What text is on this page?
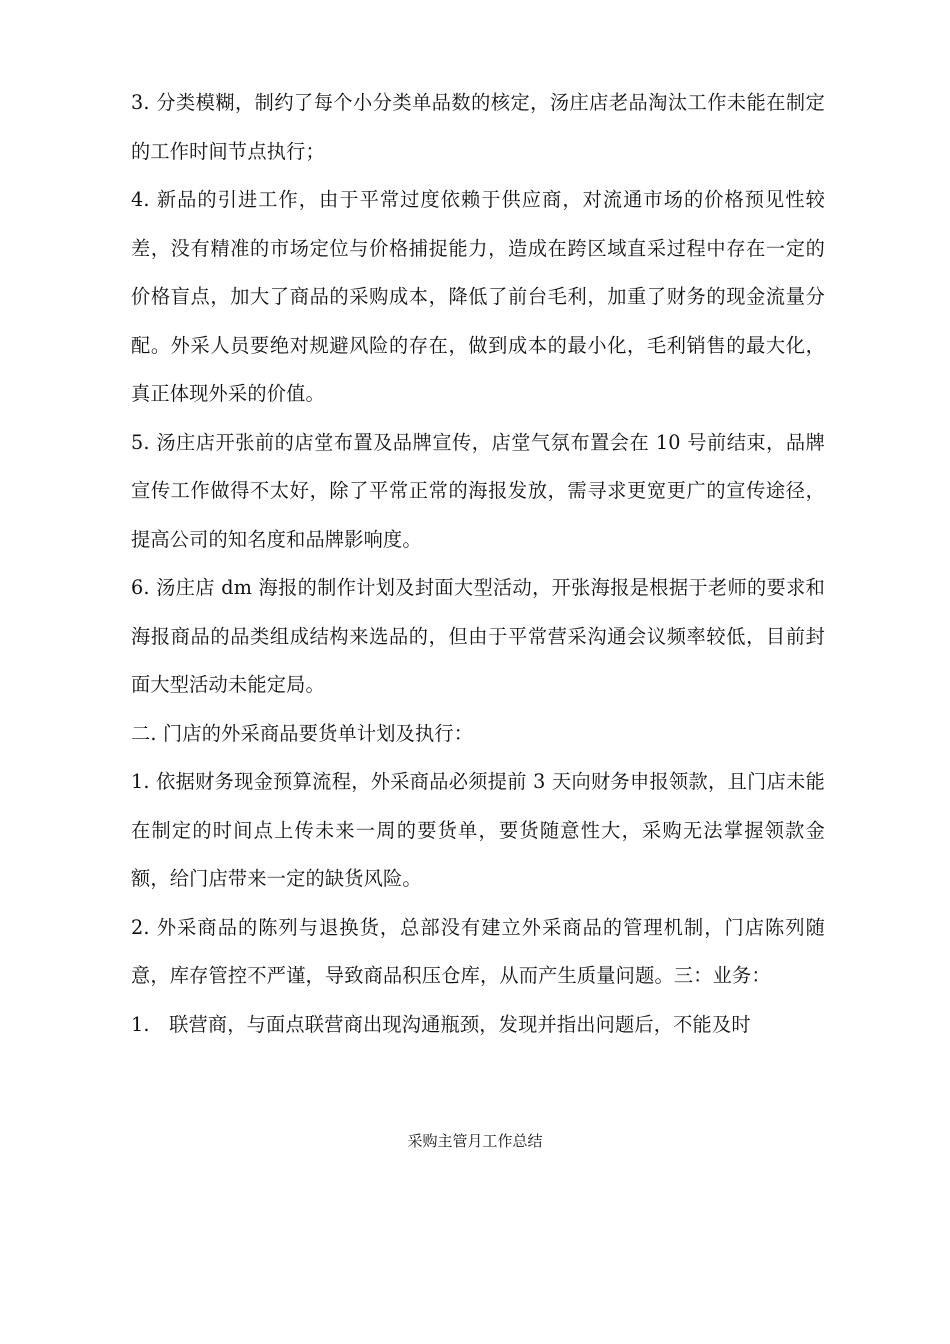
3. 分类模糊，制约了每个小分类单品数的核定，汤庄店老品淘汰工作未能在制定的工作时间节点执行；

4. 新品的引进工作，由于平常过度依赖于供应商，对流通市场的价格预见性较差，没有精准的市场定位与价格捕捉能力，造成在跨区域直采过程中存在一定的价格盲点，加大了商品的采购成本，降低了前台毛利，加重了财务的现金流量分配。外采人员要绝对规避风险的存在，做到成本的最小化，毛利销售的最大化，真正体现外采的价值。

5. 汤庄店开张前的店堂布置及品牌宣传，店堂气氛布置会在 10 号前结束，品牌宣传工作做得不太好，除了平常正常的海报发放，需寻求更宽更广的宣传途径，提高公司的知名度和品牌影响度。

6. 汤庄店 dm 海报的制作计划及封面大型活动，开张海报是根据于老师的要求和海报商品的品类组成结构来选品的，但由于平常营采沟通会议频率较低，目前封面大型活动未能定局。

二. 门店的外采商品要货单计划及执行：

1. 依据财务现金预算流程，外采商品必须提前 3 天向财务申报领款，且门店未能在制定的时间点上传未来一周的要货单，要货随意性大，采购无法掌握领款金额，给门店带来一定的缺货风险。

2. 外采商品的陈列与退换货，总部没有建立外采商品的管理机制，门店陈列随意，库存管控不严谨，导致商品积压仓库，从而产生质量问题。三：业务：

1.　联营商，与面点联营商出现沟通瓶颈，发现并指出问题后，不能及时

采购主管月工作总结
